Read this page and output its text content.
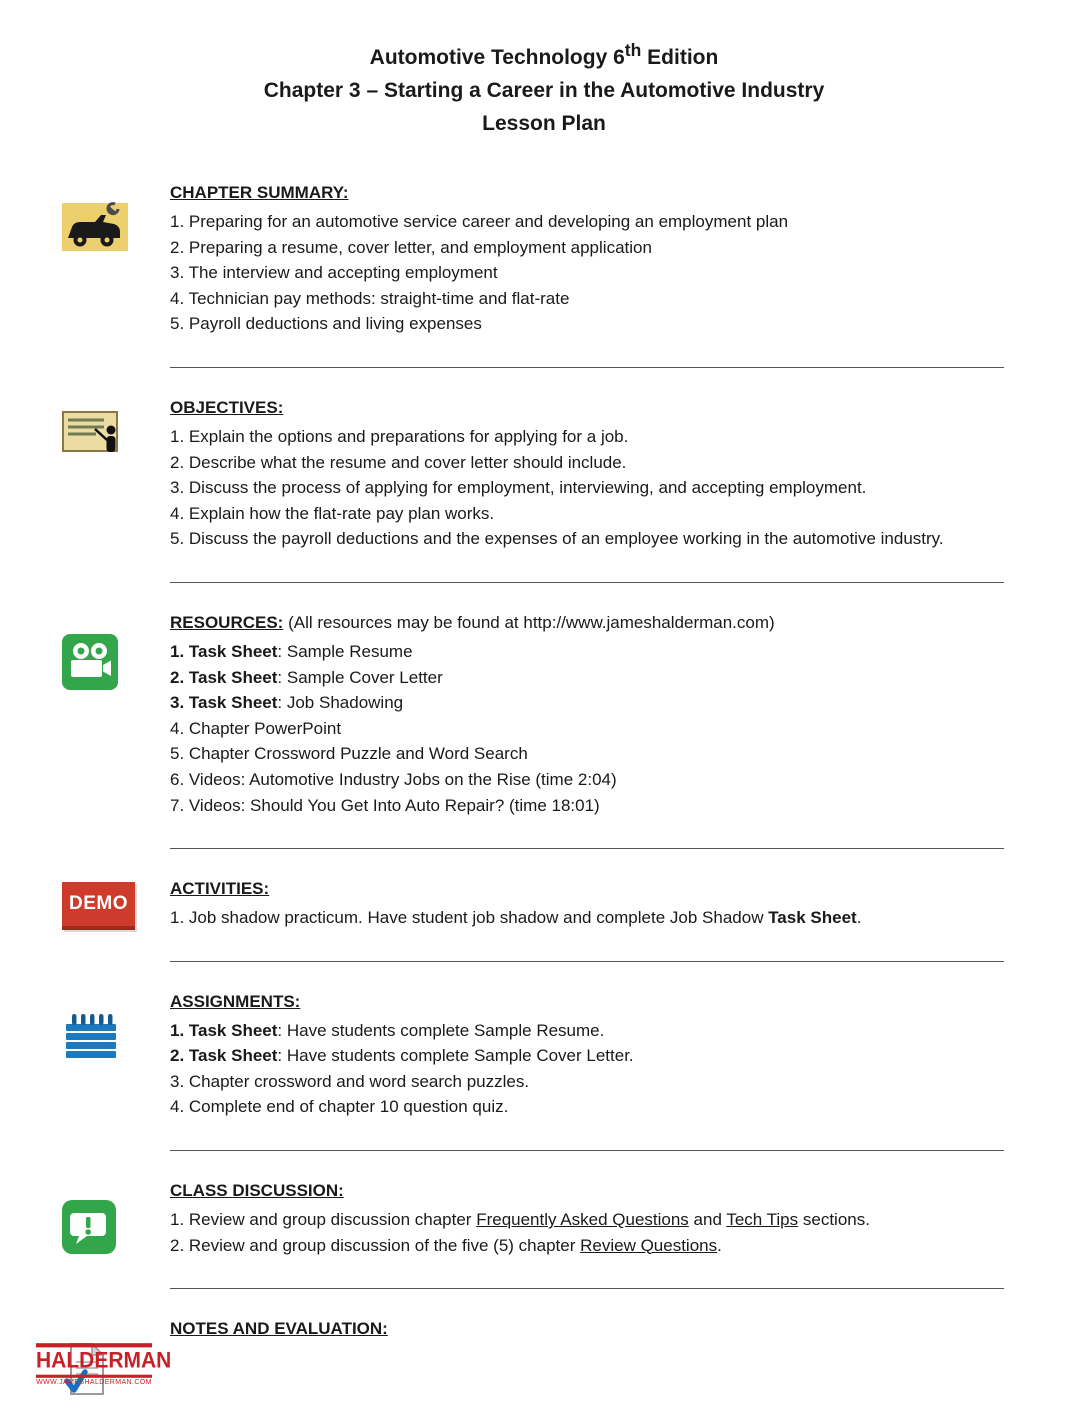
Automotive Technology 6th Edition
Chapter 3 – Starting a Career in the Automotive Industry
Lesson Plan

CHAPTER SUMMARY:

1. Preparing for an automotive service career and developing an employment plan
2. Preparing a resume, cover letter, and employment application
3. The interview and accepting employment
4. Technician pay methods: straight-time and flat-rate
5. Payroll deductions and living expenses

OBJECTIVES:

1. Explain the options and preparations for applying for a job.
2. Describe what the resume and cover letter should include.
3. Discuss the process of applying for employment, interviewing, and accepting employment.
4. Explain how the flat-rate pay plan works.
5. Discuss the payroll deductions and the expenses of an employee working in the automotive industry.

RESOURCES: (All resources may be found at http://www.jameshalderman.com)

1. Task Sheet: Sample Resume
2. Task Sheet: Sample Cover Letter
3. Task Sheet: Job Shadowing
4. Chapter PowerPoint
5. Chapter Crossword Puzzle and Word Search
6. Videos: Automotive Industry Jobs on the Rise (time 2:04)
7. Videos: Should You Get Into Auto Repair? (time 18:01)
DEMO

ACTIVITIES:

1. Job shadow practicum. Have student job shadow and complete Job Shadow Task Sheet.

ASSIGNMENTS:

1. Task Sheet: Have students complete Sample Resume.
2. Task Sheet: Have students complete Sample Cover Letter.
3. Chapter crossword and word search puzzles.
4. Complete end of chapter 10 question quiz.

CLASS DISCUSSION:

1. Review and group discussion chapter Frequently Asked Questions and Tech Tips sections.
2. Review and group discussion of the five (5) chapter Review Questions.

NOTES AND EVALUATION:

HALDERMAN
WWW.JAMESHALDERMAN.COM
